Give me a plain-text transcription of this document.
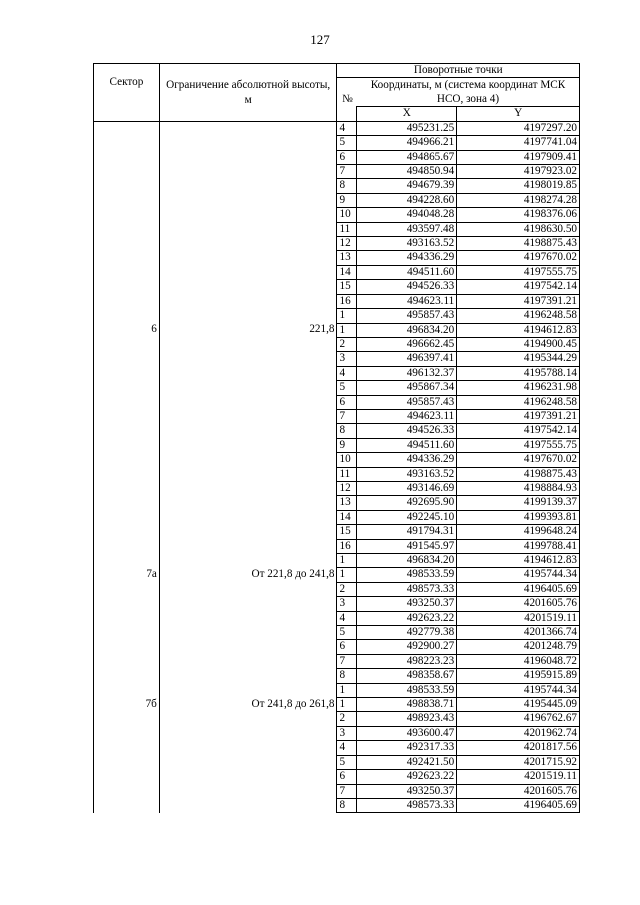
127
Сектор	Ограничение абсолютной высоты, м	Поворотные точки		
		№	Координаты, м (система координат МСК НСО, зона 4)	
			X	Y
		4	495231.25	4197297.20
		5	494966.21	4197741.04
		6	494865.67	4197909.41
		7	494850.94	4197923.02
		8	494679.39	4198019.85
		9	494228.60	4198274.28
		10	494048.28	4198376.06
		11	493597.48	4198630.50
		12	493163.52	4198875.43
		13	494336.29	4197670.02
		14	494511.60	4197555.75
		15	494526.33	4197542.14
		16	494623.11	4197391.21
		1	495857.43	4196248.58
6	221,8	1	496834.20	4194612.83
		2	496662.45	4194900.45
		3	496397.41	4195344.29
		4	496132.37	4195788.14
		5	495867.34	4196231.98
		6	495857.43	4196248.58
		7	494623.11	4197391.21
		8	494526.33	4197542.14
		9	494511.60	4197555.75
		10	494336.29	4197670.02
		11	493163.52	4198875.43
		12	493146.69	4198884.93
		13	492695.90	4199139.37
		14	492245.10	4199393.81
		15	491794.31	4199648.24
		16	491545.97	4199788.41
		1	496834.20	4194612.83
7а	От 221,8 до 241,8	1	498533.59	4195744.34
		2	498573.33	4196405.69
		3	493250.37	4201605.76
		4	492623.22	4201519.11
		5	492779.38	4201366.74
		6	492900.27	4201248.79
		7	498223.23	4196048.72
		8	498358.67	4195915.89
		1	498533.59	4195744.34
7б	От 241,8 до 261,8	1	498838.71	4195445.09
		2	498923.43	4196762.67
		3	493600.47	4201962.74
		4	492317.33	4201817.56
		5	492421.50	4201715.92
		6	492623.22	4201519.11
		7	493250.37	4201605.76
		8	498573.33	4196405.69
